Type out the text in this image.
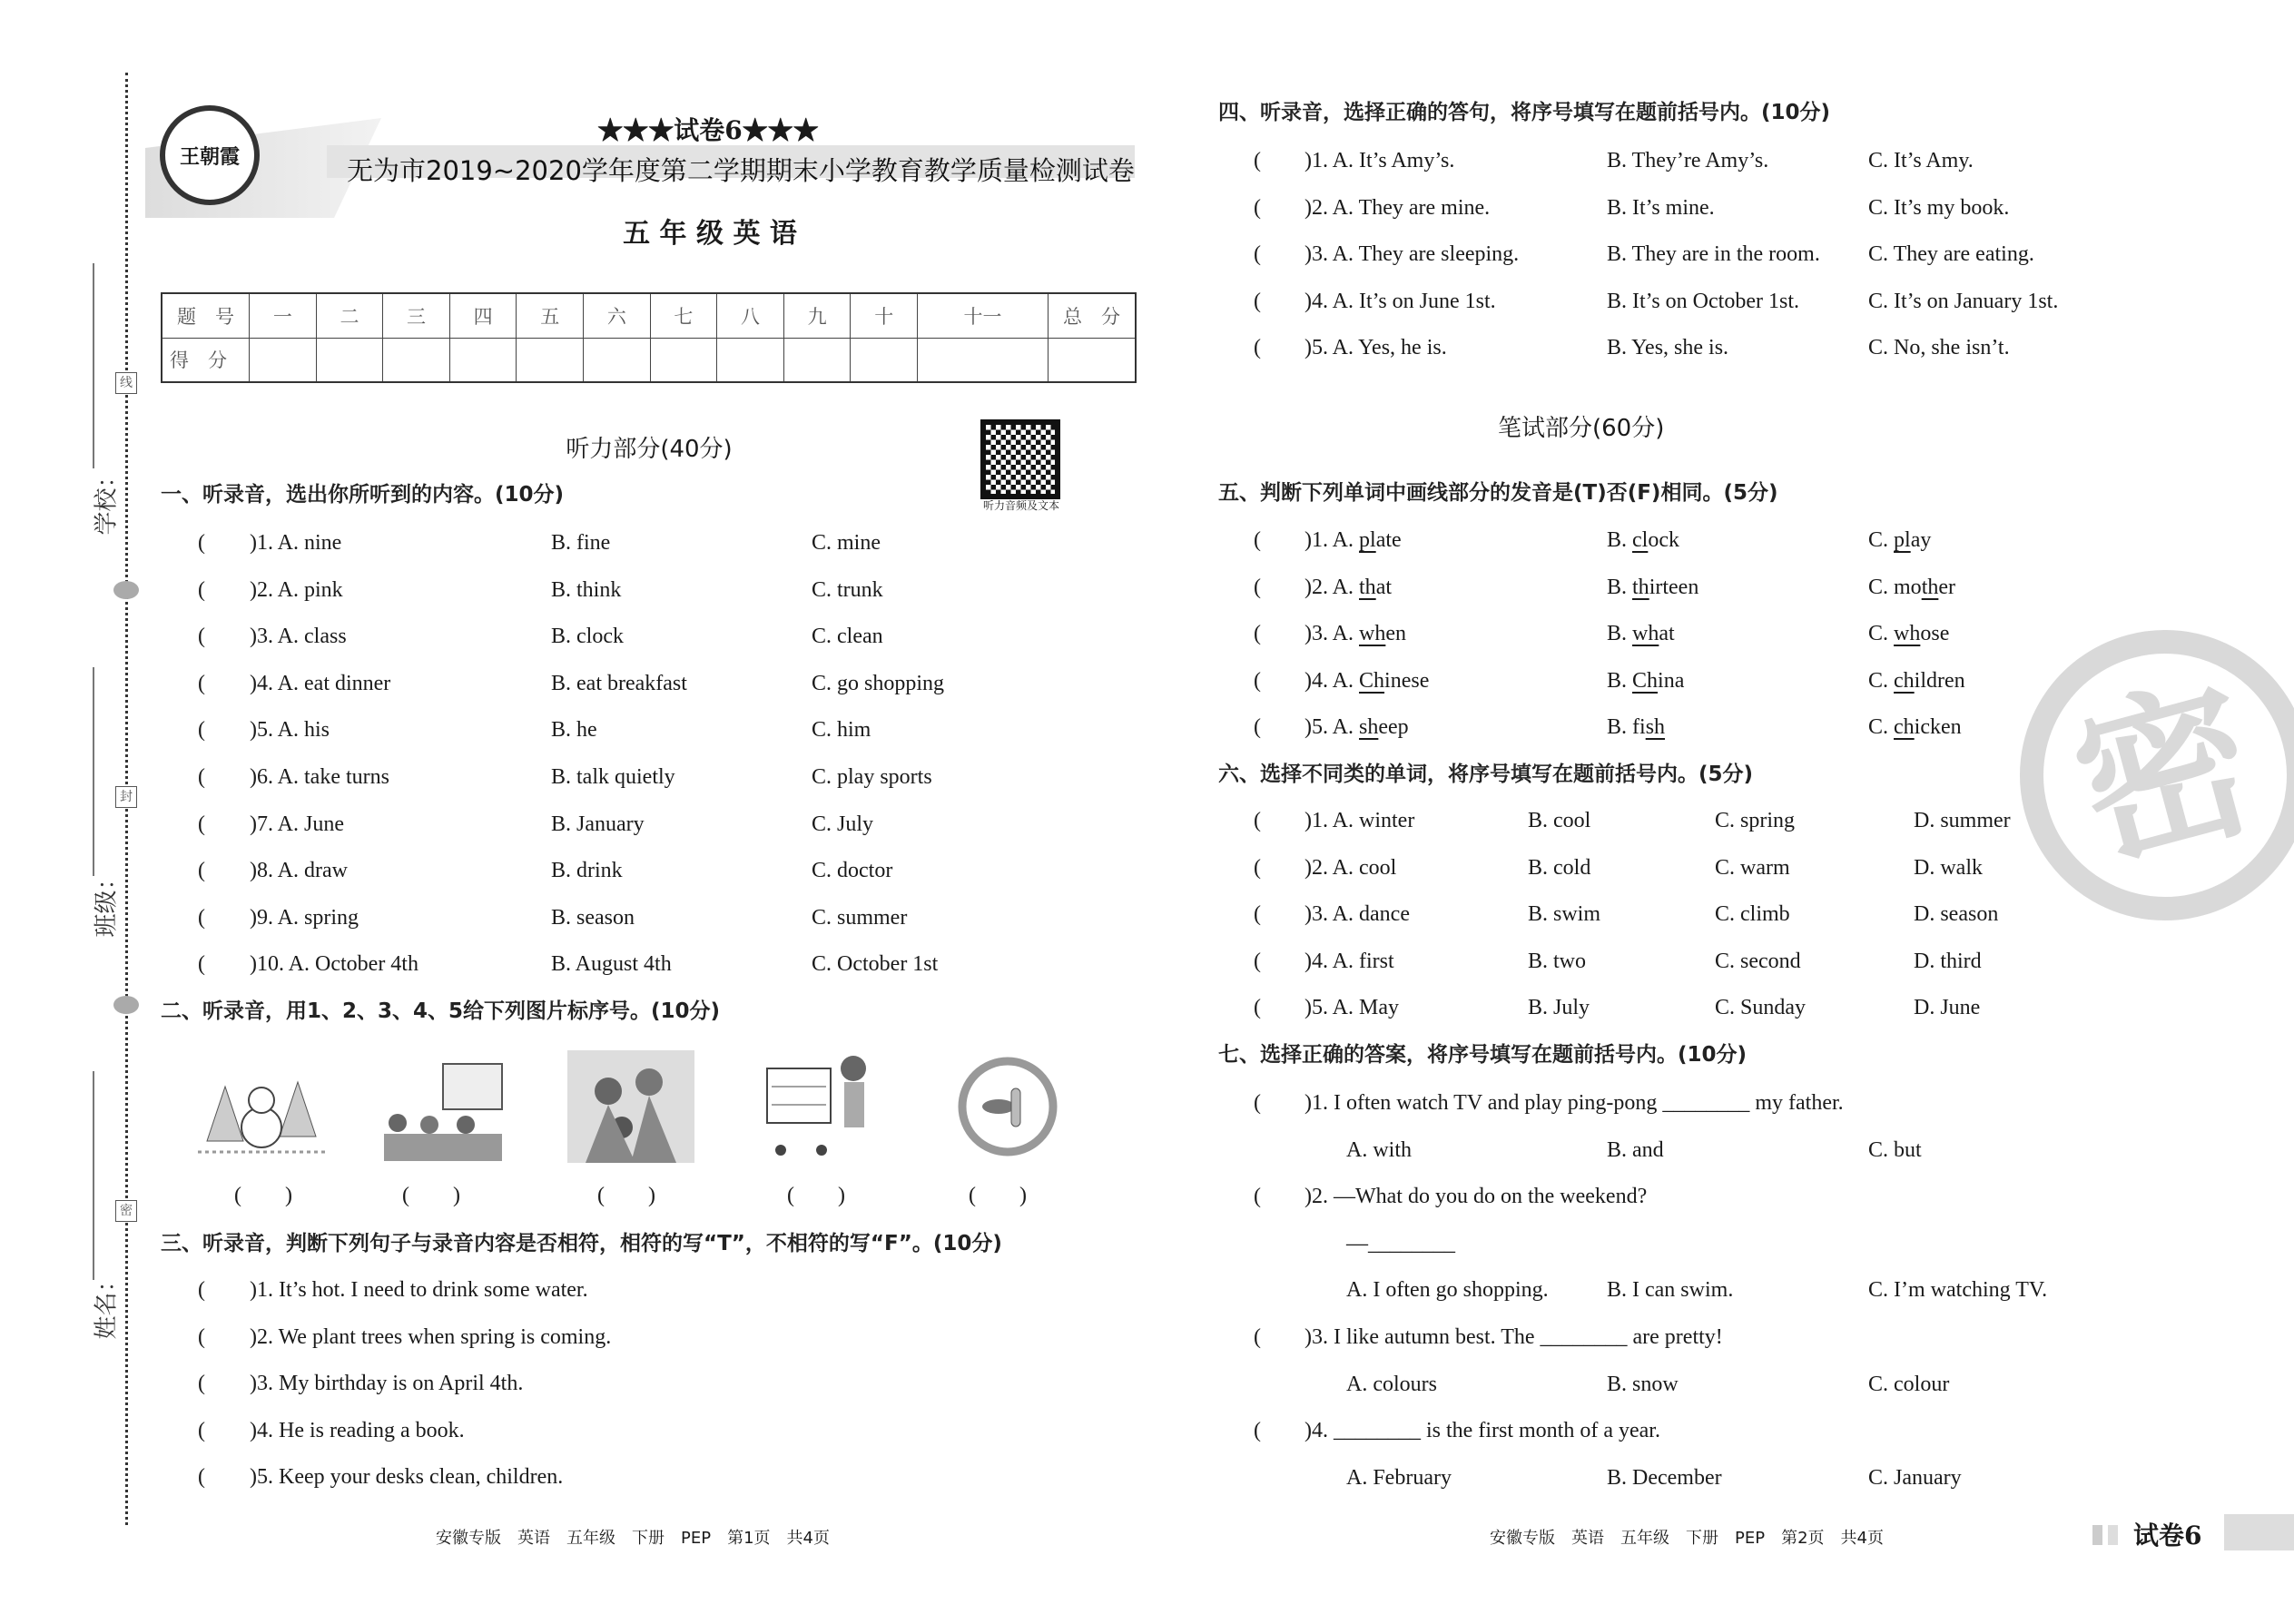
学校：
班级：
姓名：
线
封
密
王朝霞
★★★试卷6★★★
无为市2019~2020学年度第二学期期末小学教育教学质量检测试卷
五 年 级 英 语
题　号	一	二	三	四	五	六	七	八	九	十	十一	总　分
得　分												
听力部分(40分)
听力音频及文本
一、听录音，选出你所听到的内容。(10分)
(	) 1. A. nine	B. fine	C. mine
(	) 2. A. pink	B. think	C. trunk
(	) 3. A. class	B. clock	C. clean
(	) 4. A. eat dinner	B. eat breakfast	C. go shopping
(	) 5. A. his	B. he	C. him
(	) 6. A. take turns	B. talk quietly	C. play sports
(	) 7. A. June	B. January	C. July
(	) 8. A. draw	B. drink	C. doctor
(	) 9. A. spring	B. season	C. summer
(	) 10. A. October 4th	B. August 4th	C. October 1st
二、听录音，用1、2、3、4、5给下列图片标序号。(10分)
(　　)	(　　)	(　　)	(　　)	(　　)
三、听录音，判断下列句子与录音内容是否相符，相符的写“T”，不相符的写“F”。(10分)
(	) 1. It’s hot. I need to drink some water.
(	) 2. We plant trees when spring is coming.
(	) 3. My birthday is on April 4th.
(	) 4. He is reading a book.
(	) 5. Keep your desks clean, children.
四、听录音，选择正确的答句，将序号填写在题前括号内。(10分)
(	) 1. A. It’s Amy’s.	B. They’re Amy’s.	C. It’s Amy.
(	) 2. A. They are mine.	B. It’s mine.	C. It’s my book.
(	) 3. A. They are sleeping.	B. They are in the room. C. They are eating.
(	) 4. A. It’s on June 1st.	B. It’s on October 1st.	C. It’s on January 1st.
(	) 5. A. Yes, he is.	B. Yes, she is.	C. No, she isn’t.
笔试部分(60分)
五、判断下列单词中画线部分的发音是(T)否(F)相同。(5分)
(	) 1. A. plate	B. clock	C. play
(	) 2. A. that	B. thirteen	C. mother
(	) 3. A. when	B. what	C. whose
(	) 4. A. Chinese	B. China	C. children
(	) 5. A. sheep	B. fish	C. chicken
六、选择不同类的单词，将序号填写在题前括号内。(5分)
(	) 1. A. winter	B. cool	C. spring	D. summer
(	) 2. A. cool	B. cold	C. warm	D. walk
(	) 3. A. dance	B. swim	C. climb	D. season
(	) 4. A. first	B. two	C. second	D. third
(	) 5. A. May	B. July	C. Sunday	D. June
七、选择正确的答案，将序号填写在题前括号内。(10分)
(	) 1. I often watch TV and play ping-pong ________ my father.
A. with	B. and	C. but
(	) 2. —What do you do on the weekend?
—________
A. I often go shopping.	B. I can swim.	C. I’m watching TV.
(	) 3. I like autumn best. The ________ are pretty!
A. colours	B. snow	C. colour
(	) 4. ________ is the first month of a year.
A. February	B. December	C. January
安徽专版　英语　五年级　下册　PEP　第1页　共4页	安徽专版　英语　五年级　下册　PEP　第2页　共4页	试卷6
密
